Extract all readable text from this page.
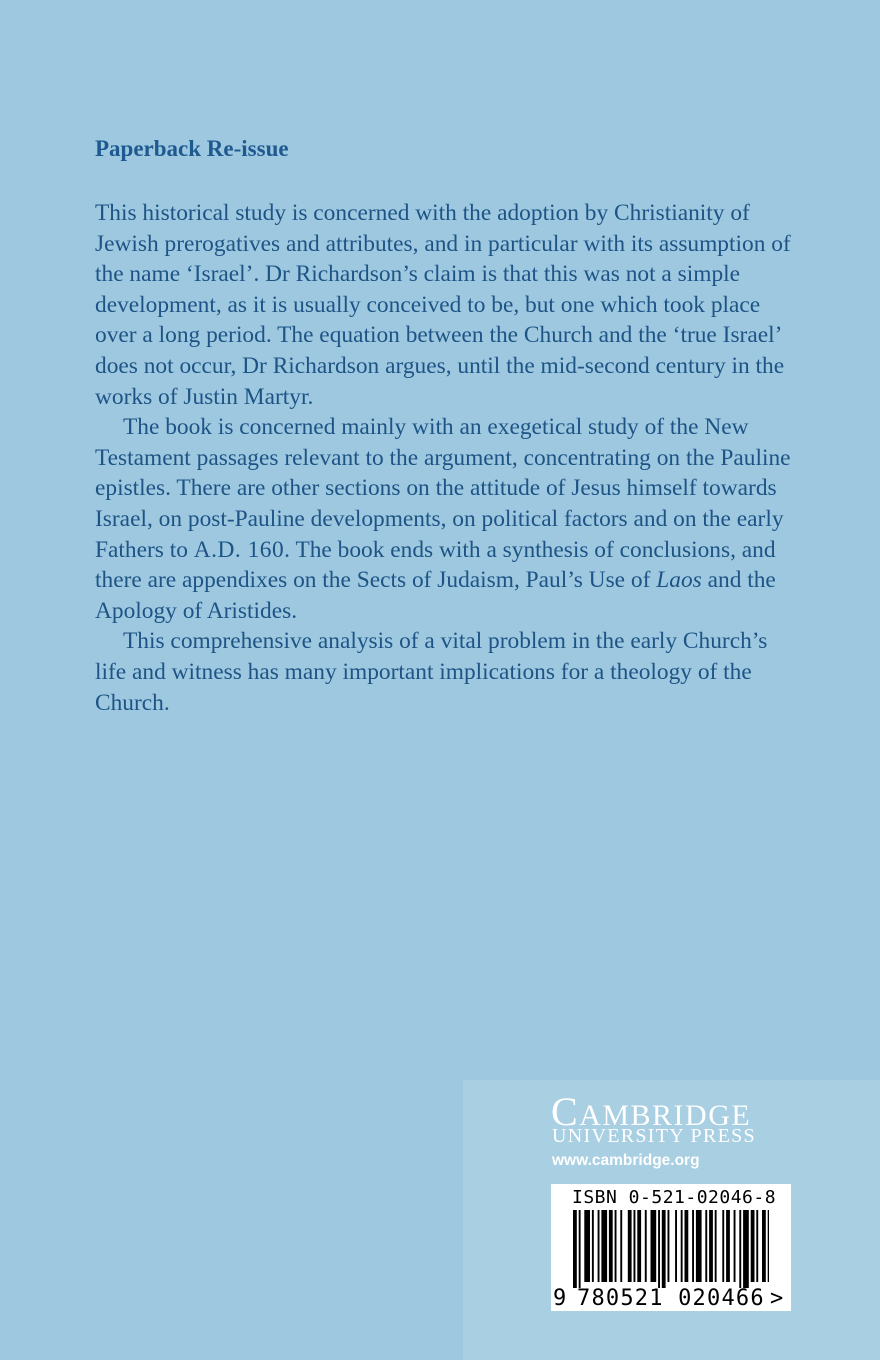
Paperback Re-issue

This historical study is concerned with the adoption by Christianity of Jewish prerogatives and attributes, and in particular with its assumption of the name ‘Israel’. Dr Richardson’s claim is that this was not a simple development, as it is usually conceived to be, but one which took place over a long period. The equation between the Church and the ‘true Israel’ does not occur, Dr Richardson argues, until the mid-second century in the works of Justin Martyr.

The book is concerned mainly with an exegetical study of the New Testament passages relevant to the argument, concentrating on the Pauline epistles. There are other sections on the attitude of Jesus himself towards Israel, on post-Pauline developments, on political factors and on the early Fathers to A.D. 160. The book ends with a synthesis of conclusions, and there are appendixes on the Sects of Judaism, Paul’s Use of Laos and the Apology of Aristides.

This comprehensive analysis of a vital problem in the early Church’s life and witness has many important implications for a theology of the Church.

CAMBRIDGE
UNIVERSITY PRESS
www.cambridge.org
ISBN 0-521-02046-8
9 780521 020466 >
